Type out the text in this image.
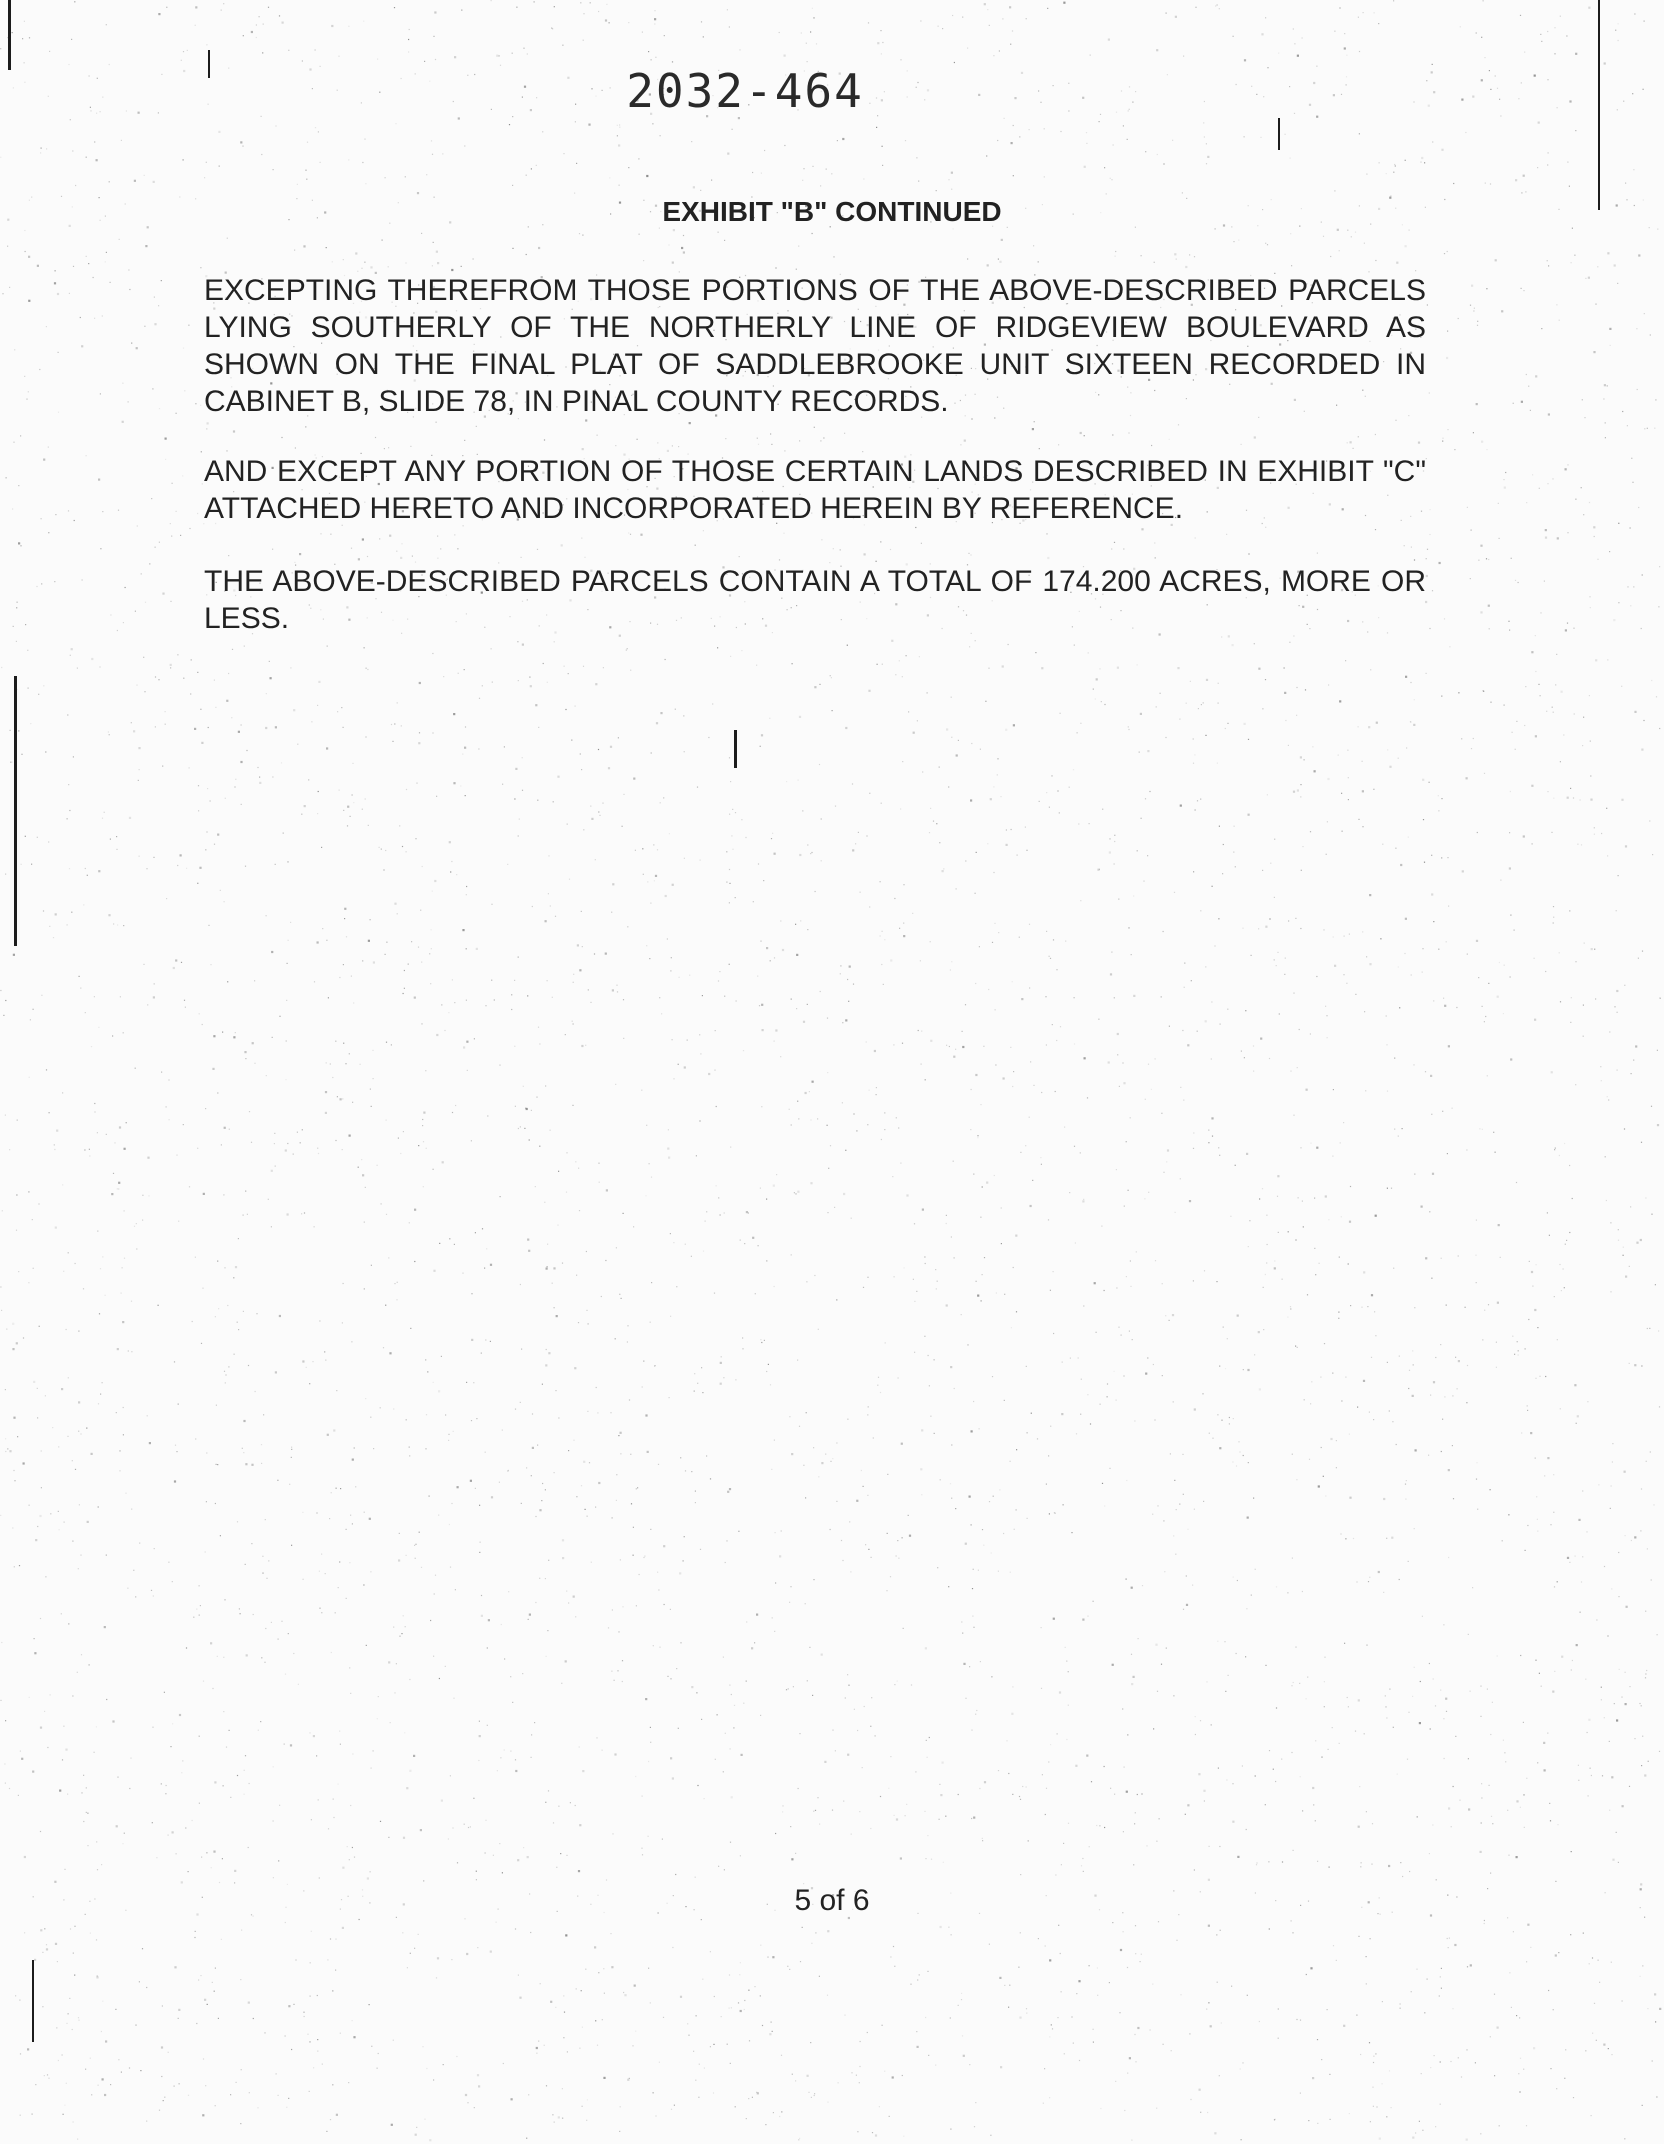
2032-464
EXHIBIT "B" CONTINUED
EXCEPTING THEREFROM THOSE PORTIONS OF THE ABOVE-DESCRIBED PARCELS LYING SOUTHERLY OF THE NORTHERLY LINE OF RIDGEVIEW BOULEVARD AS SHOWN ON THE FINAL PLAT OF SADDLEBROOKE UNIT SIXTEEN RECORDED IN CABINET B, SLIDE 78, IN PINAL COUNTY RECORDS.
AND EXCEPT ANY PORTION OF THOSE CERTAIN LANDS DESCRIBED IN EXHIBIT "C" ATTACHED HERETO AND INCORPORATED HEREIN BY REFERENCE.
THE ABOVE-DESCRIBED PARCELS CONTAIN A TOTAL OF 174.200 ACRES, MORE OR LESS.
5 of 6
